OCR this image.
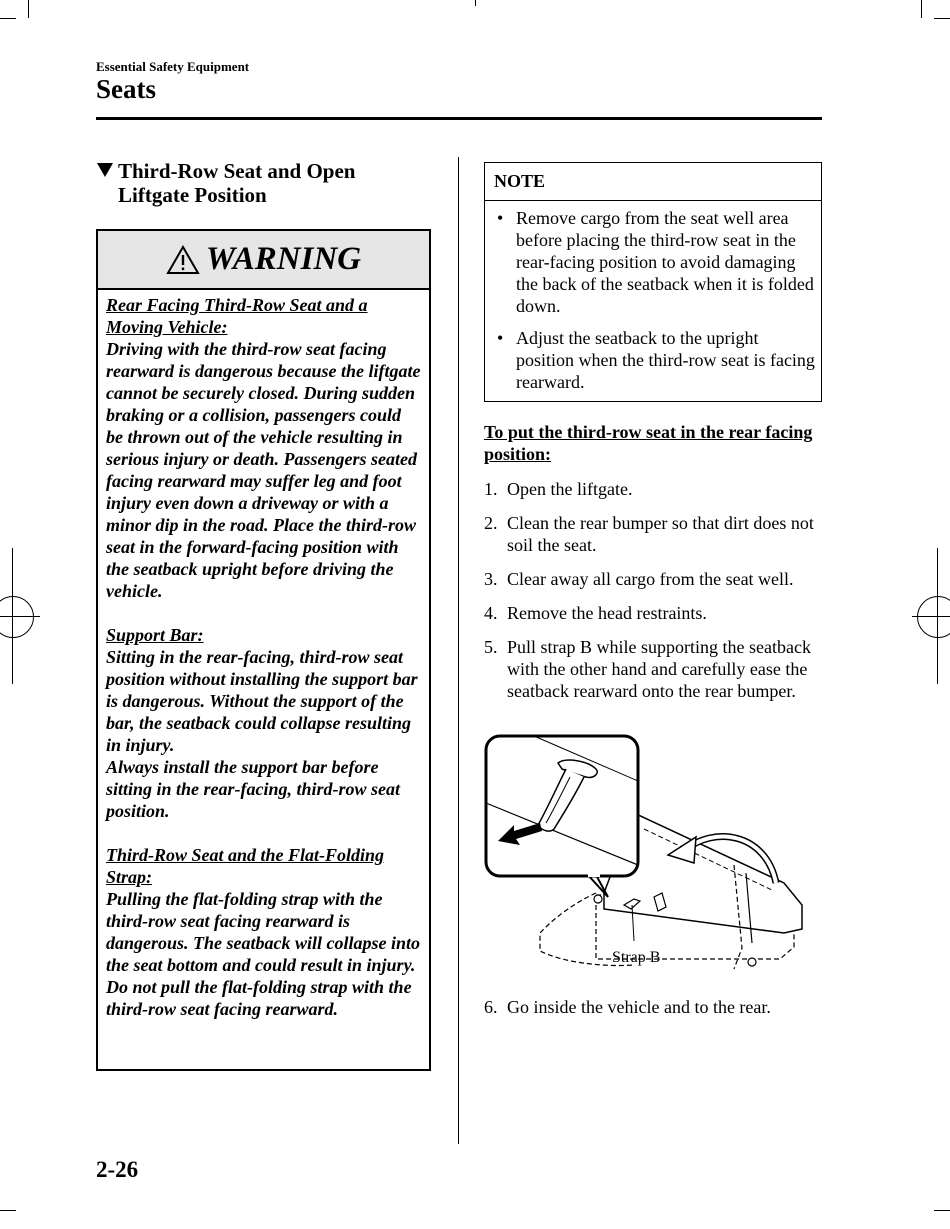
Essential Safety Equipment
Seats
Third-Row Seat and Open
Liftgate Position
WARNING
Rear Facing Third-Row Seat and a Moving Vehicle:

Driving with the third-row seat facing rearward is dangerous because the liftgate cannot be securely closed. During sudden braking or a collision, passengers could be thrown out of the vehicle resulting in serious injury or death. Passengers seated facing rearward may suffer leg and foot injury even down a driveway or with a minor dip in the road. Place the third-row seat in the forward-facing position with the seatback upright before driving the vehicle.

Support Bar:

Sitting in the rear-facing, third-row seat position without installing the support bar is dangerous. Without the support of the bar, the seatback could collapse resulting in injury.

Always install the support bar before sitting in the rear-facing, third-row seat position.

Third-Row Seat and the Flat-Folding Strap:

Pulling the flat-folding strap with the third-row seat facing rearward is dangerous. The seatback will collapse into the seat bottom and could result in injury. Do not pull the flat-folding strap with the third-row seat facing rearward.

NOTE
• Remove cargo from the seat well area before placing the third-row seat in the rear-facing position to avoid damaging the back of the seatback when it is folded down.
• Adjust the seatback to the upright position when the third-row seat is facing rearward.
To put the third-row seat in the rear facing position:
1. Open the liftgate.
2. Clean the rear bumper so that dirt does not soil the seat.
3. Clear away all cargo from the seat well.
4. Remove the head restraints.
5. Pull strap B while supporting the seatback with the other hand and carefully ease the seatback rearward onto the rear bumper.
Strap B
6. Go inside the vehicle and to the rear.
2-26
